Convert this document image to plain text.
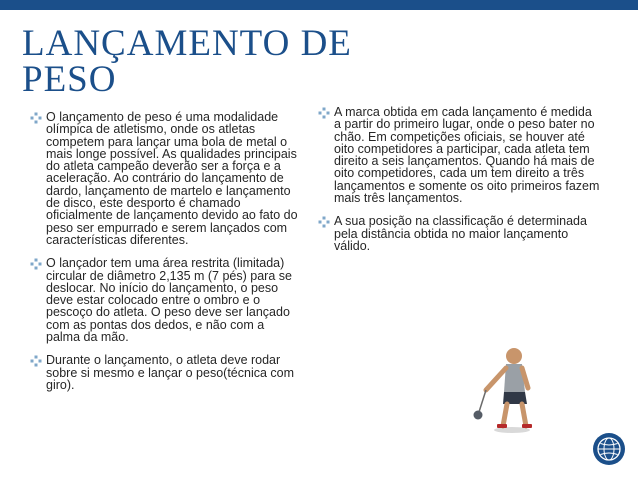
LANÇAMENTO DE PESO
O lançamento de peso é uma modalidade olímpica de atletismo, onde os atletas competem para lançar uma bola de metal o mais longe possível. As qualidades principais do atleta campeão deverão ser a força e a aceleração. Ao contrário do lançamento de dardo, lançamento de martelo e lançamento de disco, este desporto é chamado oficialmente de lançamento devido ao fato do peso ser empurrado e serem lançados com características diferentes.
O lançador tem uma área restrita (limitada) circular de diâmetro 2,135 m (7 pés) para se deslocar. No início do lançamento, o peso deve estar colocado entre o ombro e o pescoço do atleta. O peso deve ser lançado com as pontas dos dedos, e não com a palma da mão.
Durante o lançamento, o atleta deve rodar sobre si mesmo e lançar o peso(técnica com giro).
A marca obtida em cada lançamento é medida a partir do primeiro lugar, onde o peso bater no chão. Em competições oficiais, se houver até oito competidores a participar, cada atleta tem direito a seis lançamentos. Quando há mais de oito competidores, cada um tem direito a três lançamentos e somente os oito primeiros fazem mais três lançamentos.
A sua posição na classificação é determinada pela distância obtida no maior lançamento válido.
